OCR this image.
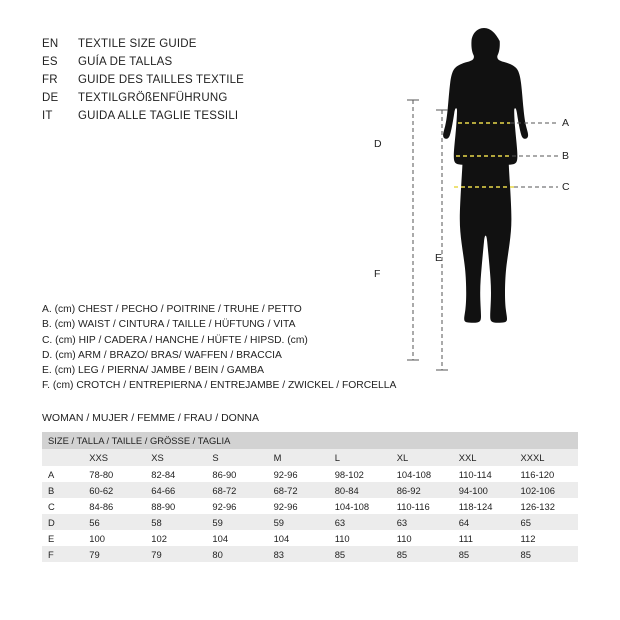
EN	TEXTILE SIZE GUIDE
ES	GUÍA DE TALLAS
FR	GUIDE DES TAILLES TEXTILE
DE	TEXTILGRÖßENFÜHRUNG
IT	GUIDA ALLE TAGLIE TESSILI
A. (cm) CHEST / PECHO / POITRINE / TRUHE / PETTO
B. (cm) WAIST / CINTURA / TAILLE / HÜFTUNG / VITA
C. (cm) HIP / CADERA / HANCHE / HÜFTE / HIPSD. (cm)
D. (cm) ARM / BRAZO/ BRAS/ WAFFEN / BRACCIA
E. (cm) LEG / PIERNA/ JAMBE / BEIN / GAMBA
F. (cm) CROTCH / ENTREPIERNA / ENTREJAMBE / ZWICKEL / FORCELLA
WOMAN / MUJER / FEMME / FRAU / DONNA
SIZE / TALLA / TAILLE / GRÖSSE / TAGLIA								
	XXS	XS	S	M	L	XL	XXL	XXXL
A	78-80	82-84	86-90	92-96	98-102	104-108	110-114	116-120
B	60-62	64-66	68-72	68-72	80-84	86-92	94-100	102-106
C	84-86	88-90	92-96	92-96	104-108	110-116	118-124	126-132
D	56	58	59	59	63	63	64	65
E	100	102	104	104	110	110	111	112
F	79	79	80	83	85	85	85	85
A
B
C
D
E
F
